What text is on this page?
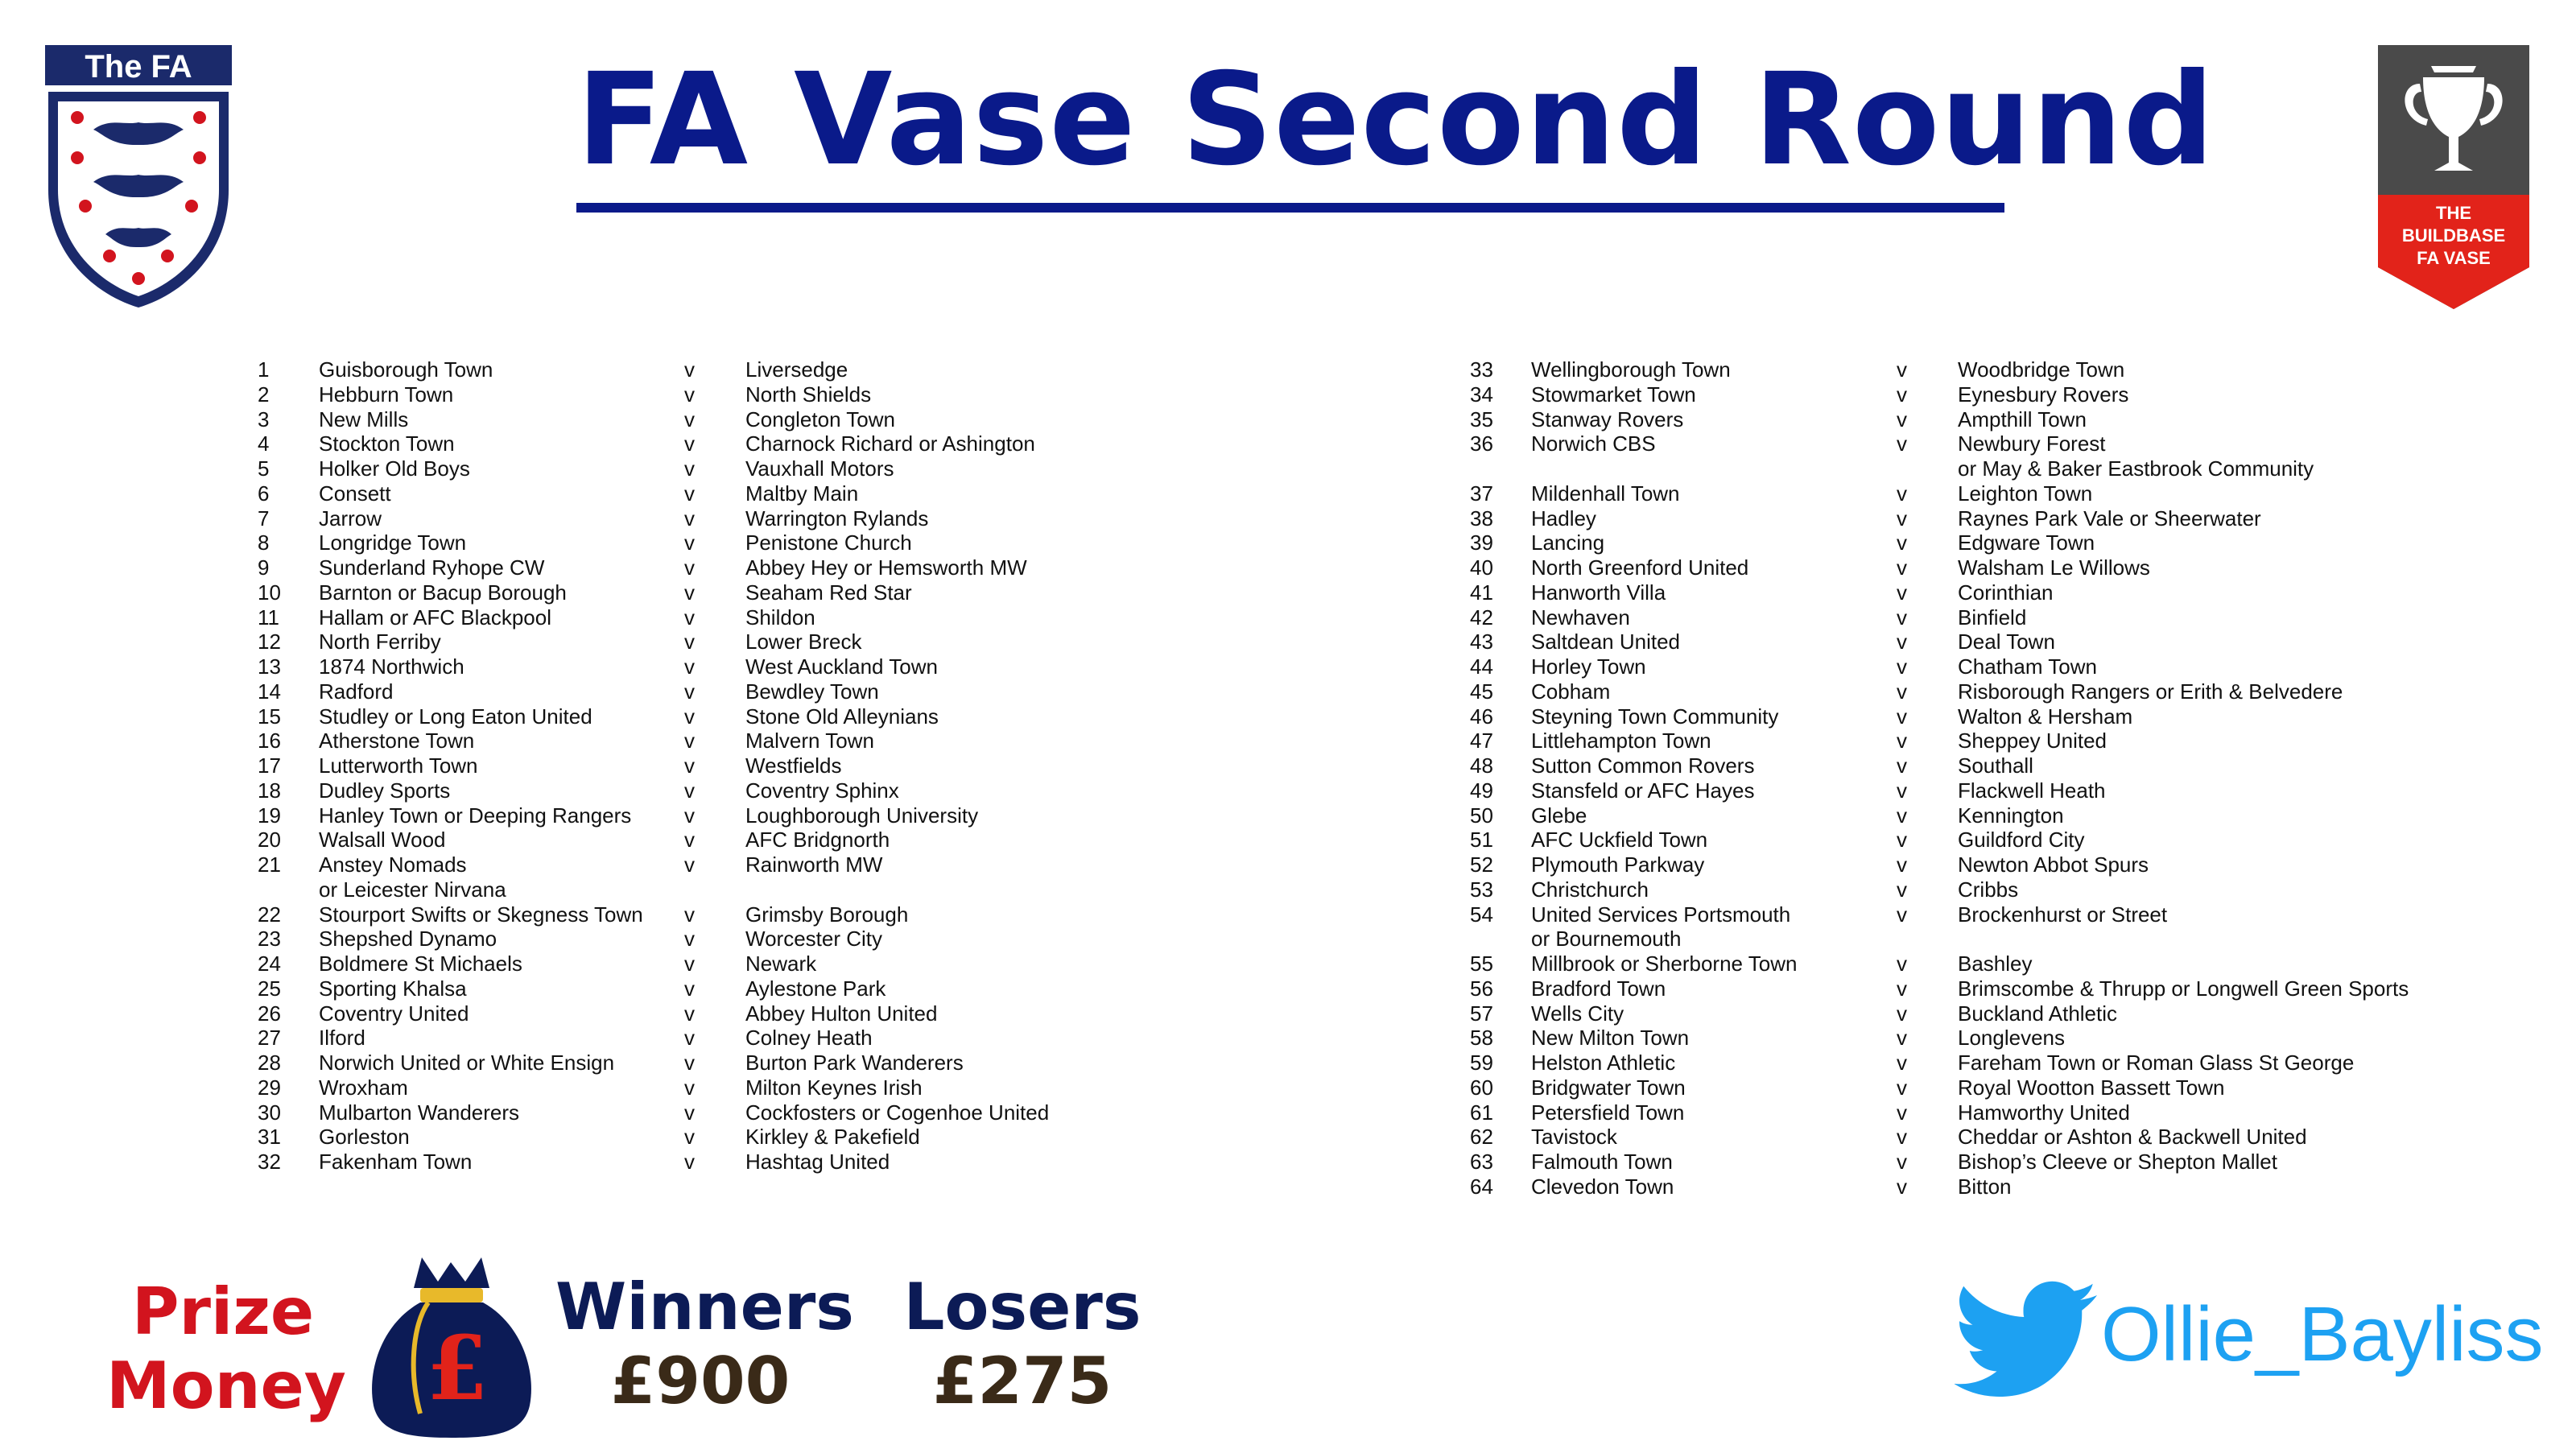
The FA	FA Vase Second Round
THE
BUILDBASE
FA VASE
1 Guisborough Town	v Liversedge
2 Hebburn Town	v North Shields
3 New Mills	v Congleton Town
4 Stockton Town	v Charnock Richard or Ashington
5 Holker Old Boys	v Vauxhall Motors
6 Consett	v Maltby Main
7 Jarrow	v Warrington Rylands
8 Longridge Town	v Penistone Church
9 Sunderland Ryhope CW	v Abbey Hey or Hemsworth MW
10 Barnton or Bacup Borough	v Seaham Red Star
11 Hallam or AFC Blackpool	v Shildon
12 North Ferriby	v Lower Breck
13 1874 Northwich	v West Auckland Town
14 Radford	v Bewdley Town
15 Studley or Long Eaton United	v Stone Old Alleynians
16 Atherstone Town	v Malvern Town
17 Lutterworth Town	v Westfields
18 Dudley Sports	v Coventry Sphinx
19 Hanley Town or Deeping Rangers	v Loughborough University
20 Walsall Wood	v AFC Bridgnorth
21 Anstey Nomads	v Rainworth MW
or Leicester Nirvana
22 Stourport Swifts or Skegness Town v Grimsby Borough
23 Shepshed Dynamo	v Worcester City
24 Boldmere St Michaels	v Newark
25 Sporting Khalsa	v Aylestone Park
26 Coventry United	v Abbey Hulton United
27 Ilford	v Colney Heath
28 Norwich United or White Ensign	v Burton Park Wanderers
29 Wroxham	v Milton Keynes Irish
30 Mulbarton Wanderers	v Cockfosters or Cogenhoe United
31 Gorleston	v Kirkley & Pakefield
32 Fakenham Town	v Hashtag United
33 Wellingborough Town	v Woodbridge Town
34 Stowmarket Town	v Eynesbury Rovers
35 Stanway Rovers	v Ampthill Town
36 Norwich CBS	v Newbury Forest
or May & Baker Eastbrook Community
37 Mildenhall Town	v Leighton Town
38 Hadley	v Raynes Park Vale or Sheerwater
39 Lancing	v Edgware Town
40 North Greenford United	v Walsham Le Willows
41 Hanworth Villa	v Corinthian
42 Newhaven	v Binfield
43 Saltdean United	v Deal Town
44 Horley Town	v Chatham Town
45 Cobham	v Risborough Rangers or Erith & Belvedere
46 Steyning Town Community	v Walton & Hersham
47 Littlehampton Town	v Sheppey United
48 Sutton Common Rovers	v Southall
49 Stansfeld or AFC Hayes	v Flackwell Heath
50 Glebe	v Kennington
51 AFC Uckfield Town	v Guildford City
52 Plymouth Parkway	v Newton Abbot Spurs
53 Christchurch	v Cribbs
54 United Services Portsmouth	v Brockenhurst or Street
or Bournemouth
55 Millbrook or Sherborne Town	v Bashley
56 Bradford Town	v Brimscombe & Thrupp or Longwell Green Sports
57 Wells City	v Buckland Athletic
58 New Milton Town	v Longlevens
59 Helston Athletic	v Fareham Town or Roman Glass St George
60 Bridgwater Town	v Royal Wootton Bassett Town
61 Petersfield Town	v Hamworthy United
62 Tavistock	v Cheddar or Ashton & Backwell United
63 Falmouth Town	v Bishop’s Cleeve or Shepton Mallet
64 Clevedon Town	v Bitton
Prize
Money £
Winners
£900
Losers
£275
Ollie_Bayliss
